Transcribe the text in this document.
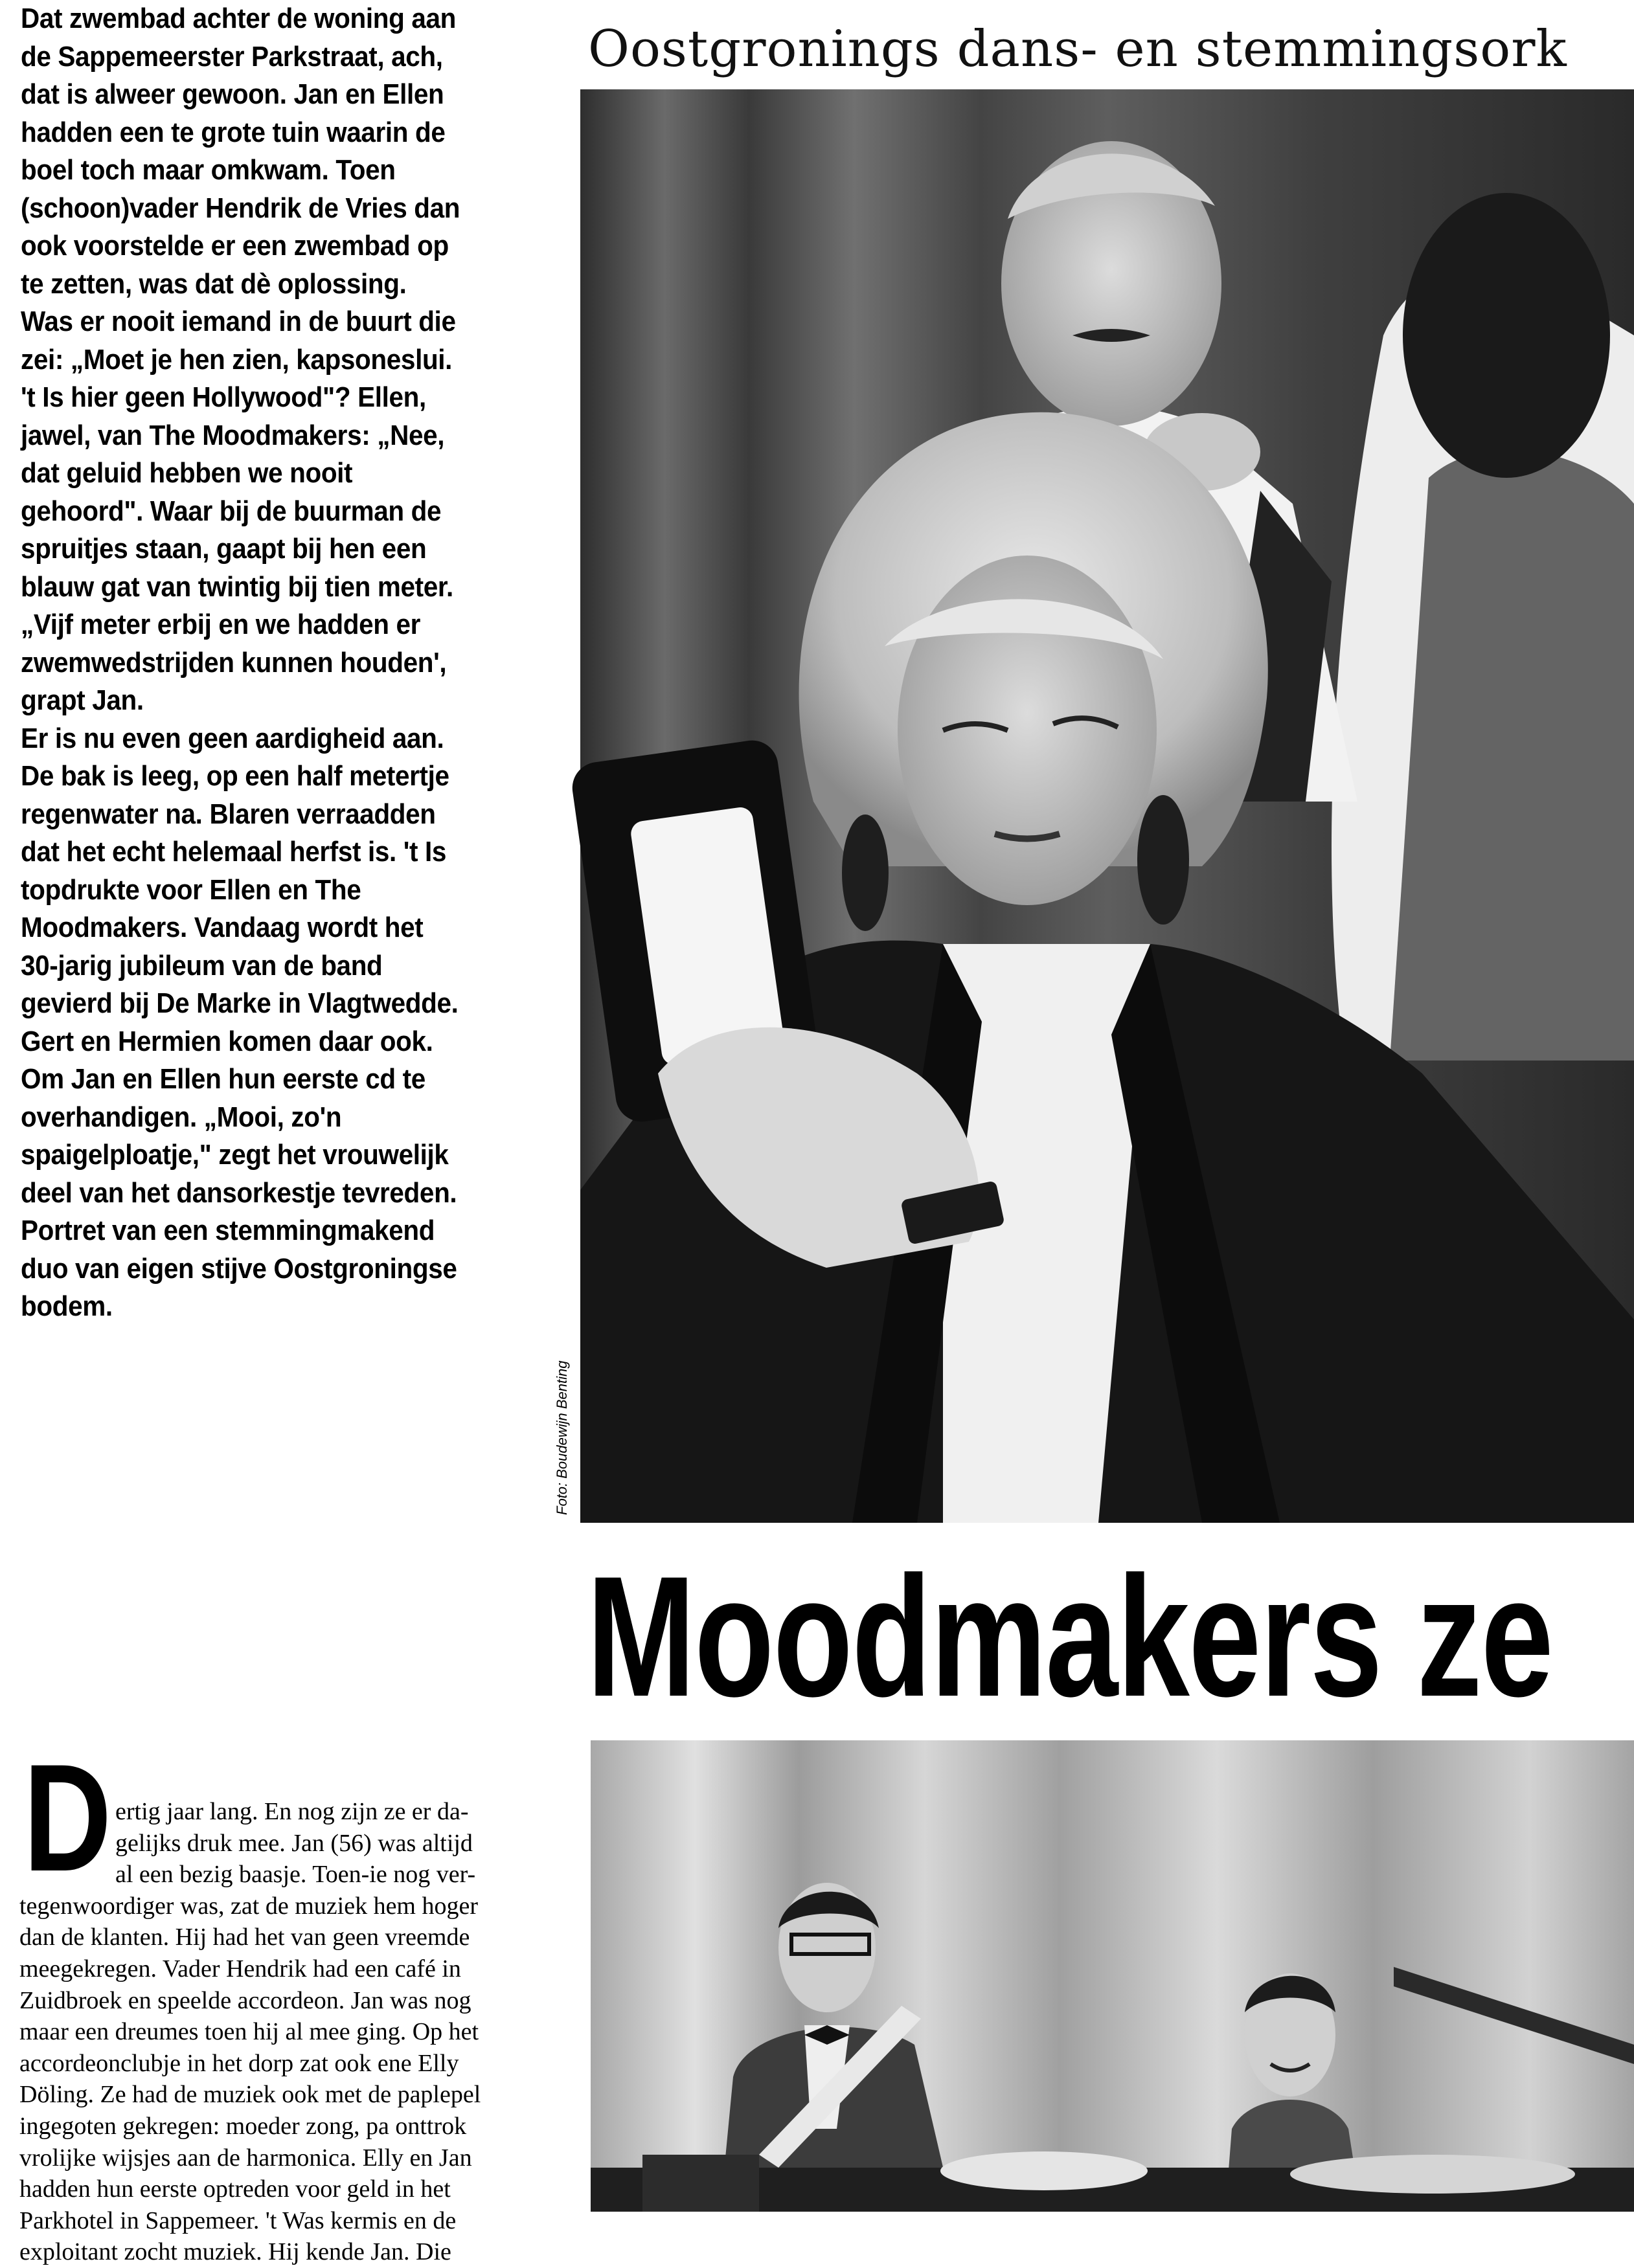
Dat zwembad achter de woning aan
de Sappemeerster Parkstraat, ach,
dat is alweer gewoon. Jan en Ellen
hadden een te grote tuin waarin de
boel toch maar omkwam. Toen
(schoon)vader Hendrik de Vries dan
ook voorstelde er een zwembad op
te zetten, was dat dè oplossing.
Was er nooit iemand in de buurt die
zei: „Moet je hen zien, kapsoneslui.
't Is hier geen Hollywood"? Ellen,
jawel, van The Moodmakers: „Nee,
dat geluid hebben we nooit
gehoord". Waar bij de buurman de
spruitjes staan, gaapt bij hen een
blauw gat van twintig bij tien meter.
„Vijf meter erbij en we hadden er
zwemwedstrijden kunnen houden',
grapt Jan.
Er is nu even geen aardigheid aan.
De bak is leeg, op een half metertje
regenwater na. Blaren verraadden
dat het echt helemaal herfst is. 't Is
topdrukte voor Ellen en The
Moodmakers. Vandaag wordt het
30-jarig jubileum van de band
gevierd bij De Marke in Vlagtwedde.
Gert en Hermien komen daar ook.
Om Jan en Ellen hun eerste cd te
overhandigen. „Mooi, zo'n
spaigelploatje," zegt het vrouwelijk
deel van het dansorkestje tevreden.
Portret van een stemmingmakend
duo van eigen stijve Oostgroningse
bodem.
Oostgronings dans- en stemmingsork
Foto: Boudewijn Benting
Moodmakers ze
ertig jaar lang. En nog zijn ze er da-
gelijks druk mee. Jan (56) was altijd
al een bezig baasje. Toen-ie nog ver-
tegenwoordiger was, zat de muziek hem hoger
dan de klanten. Hij had het van geen vreemde
meegekregen. Vader Hendrik had een café in
Zuidbroek en speelde accordeon. Jan was nog
maar een dreumes toen hij al mee ging. Op het
accordeonclubje in het dorp zat ook ene Elly
Döling. Ze had de muziek ook met de paplepel
ingegoten gekregen: moeder zong, pa onttrok
vrolijke wijsjes aan de harmonica. Elly en Jan
hadden hun eerste optreden voor geld in het
Parkhotel in Sappemeer. 't Was kermis en de
exploitant zocht muziek. Hij kende Jan. Die
D
